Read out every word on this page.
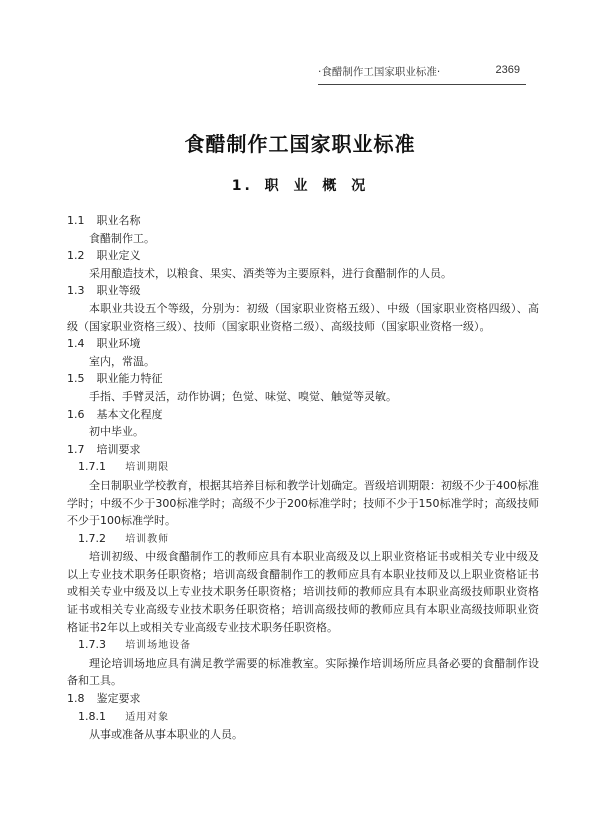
·食醋制作工国家职业标准·	2369
食醋制作工国家职业标准
1. 职 业 概 况
1.1 职业名称

食醋制作工。

1.2 职业定义

采用酿造技术，以粮食、果实、酒类等为主要原料，进行食醋制作的人员。

1.3 职业等级

本职业共设五个等级，分别为：初级（国家职业资格五级）、中级（国家职业资格四级）、高级（国家职业资格三级）、技师（国家职业资格二级）、高级技师（国家职业资格一级）。

1.4 职业环境

室内，常温。

1.5 职业能力特征

手指、手臂灵活，动作协调；色觉、味觉、嗅觉、触觉等灵敏。

1.6 基本文化程度

初中毕业。

1.7 培训要求
1.7.1 培训期限

全日制职业学校教育，根据其培养目标和教学计划确定。晋级培训期限：初级不少于400标准学时；中级不少于300标准学时；高级不少于200标准学时；技师不少于150标准学时；高级技师不少于100标准学时。

1.7.2 培训教师

培训初级、中级食醋制作工的教师应具有本职业高级及以上职业资格证书或相关专业中级及以上专业技术职务任职资格；培训高级食醋制作工的教师应具有本职业技师及以上职业资格证书或相关专业中级及以上专业技术职务任职资格；培训技师的教师应具有本职业高级技师职业资格证书或相关专业高级专业技术职务任职资格；培训高级技师的教师应具有本职业高级技师职业资格证书2年以上或相关专业高级专业技术职务任职资格。

1.7.3 培训场地设备

理论培训场地应具有满足教学需要的标准教室。实际操作培训场所应具备必要的食醋制作设备和工具。

1.8 鉴定要求
1.8.1 适用对象

从事或准备从事本职业的人员。
